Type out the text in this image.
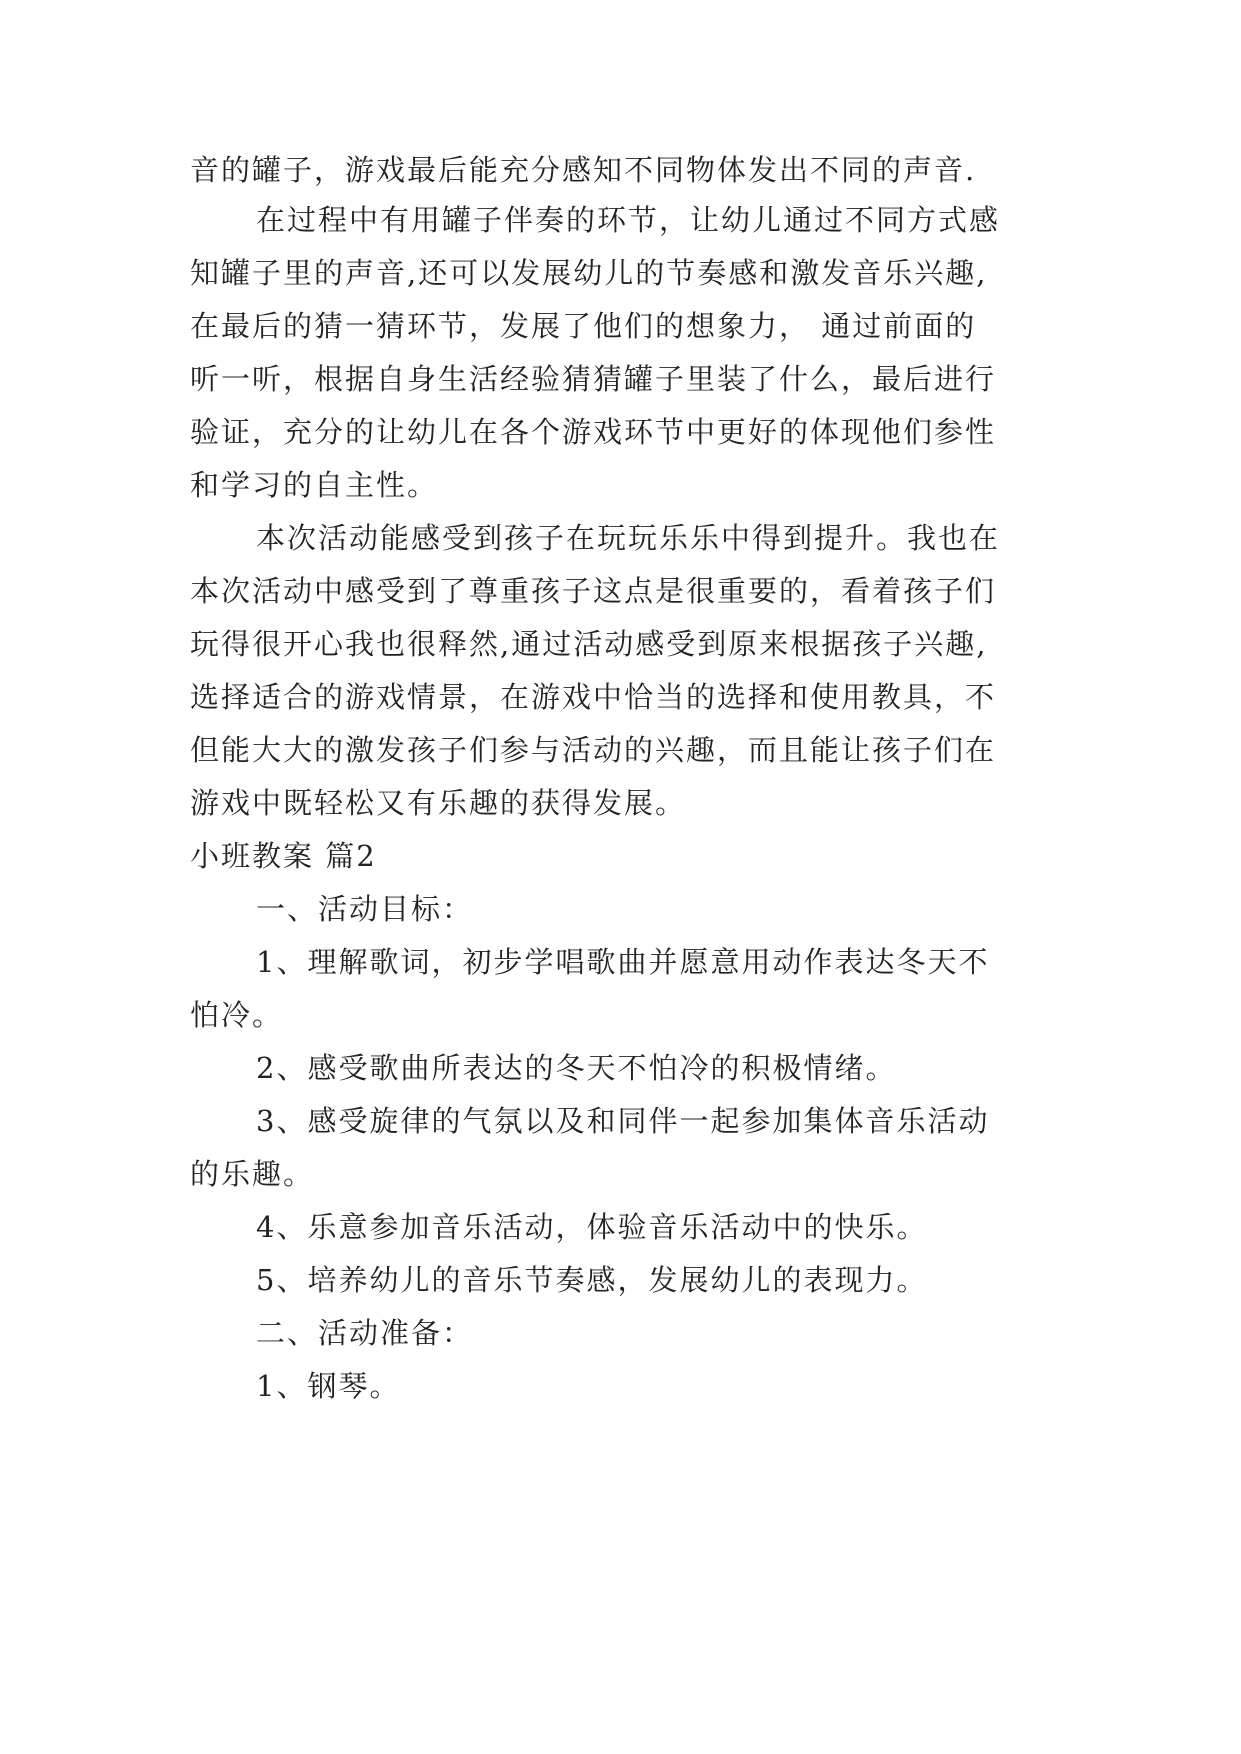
音的罐子，游戏最后能充分感知不同物体发出不同的声音.
在过程中有用罐子伴奏的环节，让幼儿通过不同方式感
知罐子里的声音,还可以发展幼儿的节奏感和激发音乐兴趣,
在最后的猜一猜环节，发展了他们的想象力， 通过前面的
听一听，根据自身生活经验猜猜罐子里装了什么，最后进行
验证，充分的让幼儿在各个游戏环节中更好的体现他们参性
和学习的自主性。
本次活动能感受到孩子在玩玩乐乐中得到提升。我也在
本次活动中感受到了尊重孩子这点是很重要的，看着孩子们
玩得很开心我也很释然,通过活动感受到原来根据孩子兴趣,
选择适合的游戏情景，在游戏中恰当的选择和使用教具，不
但能大大的激发孩子们参与活动的兴趣，而且能让孩子们在
游戏中既轻松又有乐趣的获得发展。
小班教案 篇2
一、活动目标：
1、理解歌词，初步学唱歌曲并愿意用动作表达冬天不
怕冷。
2、感受歌曲所表达的冬天不怕冷的积极情绪。
3、感受旋律的气氛以及和同伴一起参加集体音乐活动
的乐趣。
4、乐意参加音乐活动，体验音乐活动中的快乐。
5、培养幼儿的音乐节奏感，发展幼儿的表现力。
二、活动准备：
1、钢琴。
